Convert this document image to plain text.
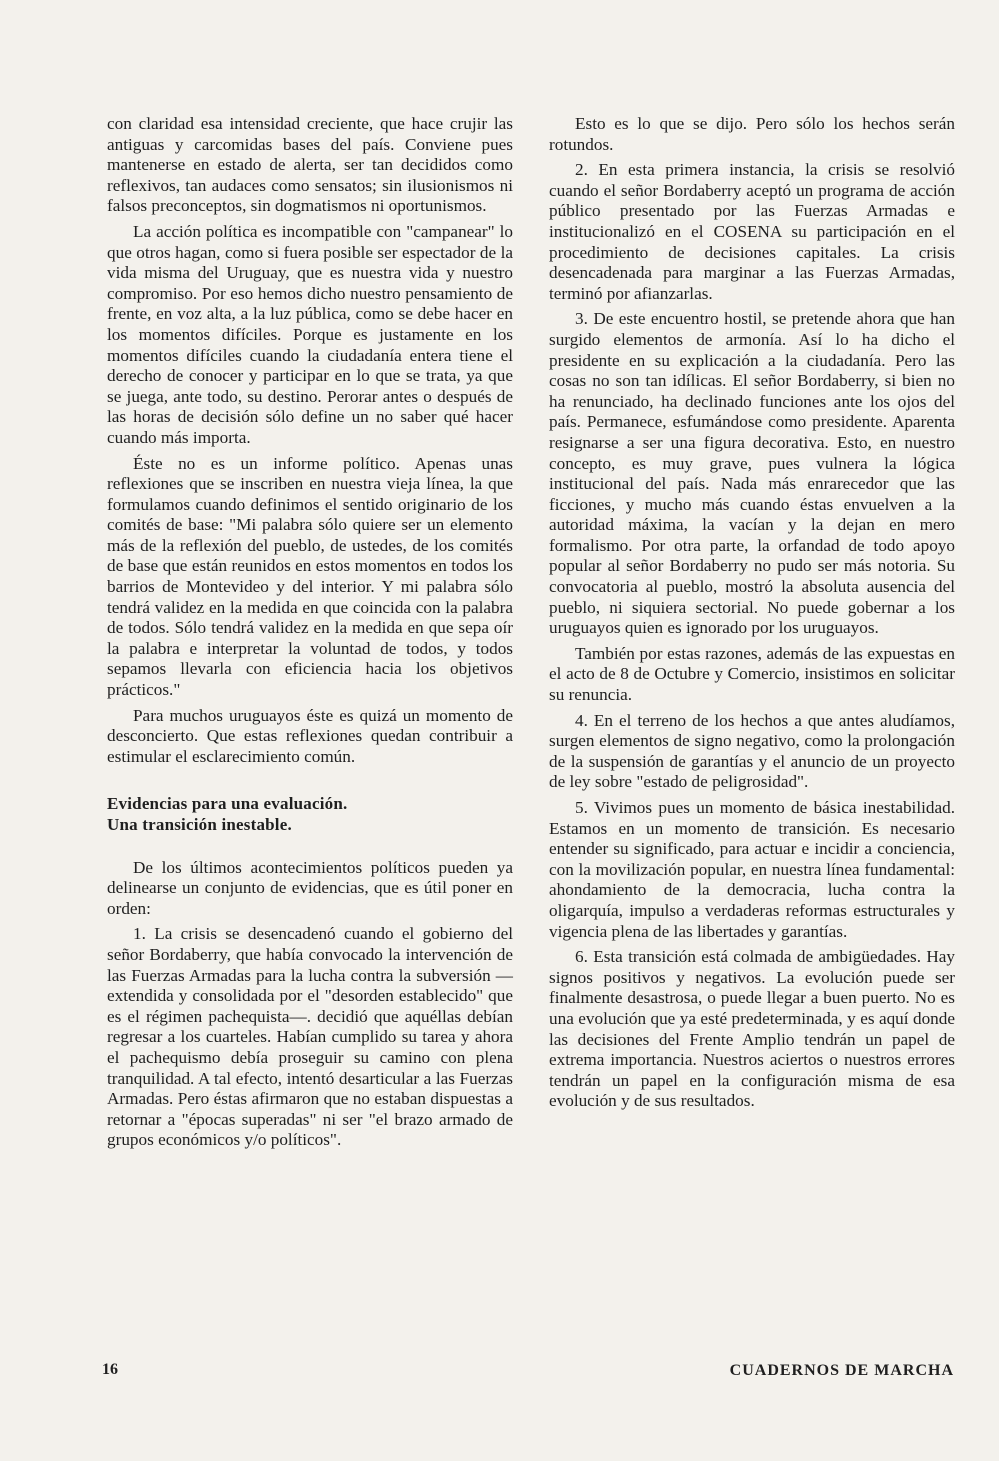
con claridad esa intensidad creciente, que hace crujir las antiguas y carcomidas bases del país. Conviene pues mantenerse en estado de alerta, ser tan decididos como reflexivos, tan audaces como sensatos; sin ilusionismos ni falsos preconceptos, sin dogmatismos ni oportunismos.

La acción política es incompatible con "campanear" lo que otros hagan, como si fuera posible ser espectador de la vida misma del Uruguay, que es nuestra vida y nuestro compromiso. Por eso hemos dicho nuestro pensamiento de frente, en voz alta, a la luz pública, como se debe hacer en los momentos difíciles. Porque es justamente en los momentos difíciles cuando la ciudadanía entera tiene el derecho de conocer y participar en lo que se trata, ya que se juega, ante todo, su destino. Perorar antes o después de las horas de decisión sólo define un no saber qué hacer cuando más importa.

Éste no es un informe político. Apenas unas reflexiones que se inscriben en nuestra vieja línea, la que formulamos cuando definimos el sentido originario de los comités de base: "Mi palabra sólo quiere ser un elemento más de la reflexión del pueblo, de ustedes, de los comités de base que están reunidos en estos momentos en todos los barrios de Montevideo y del interior. Y mi palabra sólo tendrá validez en la medida en que coincida con la palabra de todos. Sólo tendrá validez en la medida en que sepa oír la palabra e interpretar la voluntad de todos, y todos sepamos llevarla con eficiencia hacia los objetivos prácticos."

Para muchos uruguayos éste es quizá un momento de desconcierto. Que estas reflexiones quedan contribuir a estimular el esclarecimiento común.

Evidencias para una evaluación.
Una transición inestable.

De los últimos acontecimientos políticos pueden ya delinearse un conjunto de evidencias, que es útil poner en orden:

1. La crisis se desencadenó cuando el gobierno del señor Bordaberry, que había convocado la intervención de las Fuerzas Armadas para la lucha contra la subversión —extendida y consolidada por el "desorden establecido" que es el régimen pachequista—. decidió que aquéllas debían regresar a los cuarteles. Habían cumplido su tarea y ahora el pachequismo debía proseguir su camino con plena tranquilidad. A tal efecto, intentó desarticular a las Fuerzas Armadas. Pero éstas afirmaron que no estaban dispuestas a retornar a "épocas superadas" ni ser "el brazo armado de grupos económicos y/o políticos".

Esto es lo que se dijo. Pero sólo los hechos serán rotundos.

2. En esta primera instancia, la crisis se resolvió cuando el señor Bordaberry aceptó un programa de acción público presentado por las Fuerzas Armadas e institucionalizó en el COSENA su participación en el procedimiento de decisiones capitales. La crisis desencadenada para marginar a las Fuerzas Armadas, terminó por afianzarlas.

3. De este encuentro hostil, se pretende ahora que han surgido elementos de armonía. Así lo ha dicho el presidente en su explicación a la ciudadanía. Pero las cosas no son tan idílicas. El señor Bordaberry, si bien no ha renunciado, ha declinado funciones ante los ojos del país. Permanece, esfumándose como presidente. Aparenta resignarse a ser una figura decorativa. Esto, en nuestro concepto, es muy grave, pues vulnera la lógica institucional del país. Nada más enrarecedor que las ficciones, y mucho más cuando éstas envuelven a la autoridad máxima, la vacían y la dejan en mero formalismo. Por otra parte, la orfandad de todo apoyo popular al señor Bordaberry no pudo ser más notoria. Su convocatoria al pueblo, mostró la absoluta ausencia del pueblo, ni siquiera sectorial. No puede gobernar a los uruguayos quien es ignorado por los uruguayos.

También por estas razones, además de las expuestas en el acto de 8 de Octubre y Comercio, insistimos en solicitar su renuncia.

4. En el terreno de los hechos a que antes aludíamos, surgen elementos de signo negativo, como la prolongación de la suspensión de garantías y el anuncio de un proyecto de ley sobre "estado de peligrosidad".

5. Vivimos pues un momento de básica inestabilidad. Estamos en un momento de transición. Es necesario entender su significado, para actuar e incidir a conciencia, con la movilización popular, en nuestra línea fundamental: ahondamiento de la democracia, lucha contra la oligarquía, impulso a verdaderas reformas estructurales y vigencia plena de las libertades y garantías.

6. Esta transición está colmada de ambigüedades. Hay signos positivos y negativos. La evolución puede ser finalmente desastrosa, o puede llegar a buen puerto. No es una evolución que ya esté predeterminada, y es aquí donde las decisiones del Frente Amplio tendrán un papel de extrema importancia. Nuestros aciertos o nuestros errores tendrán un papel en la configuración misma de esa evolución y de sus resultados.

16	CUADERNOS DE MARCHA
